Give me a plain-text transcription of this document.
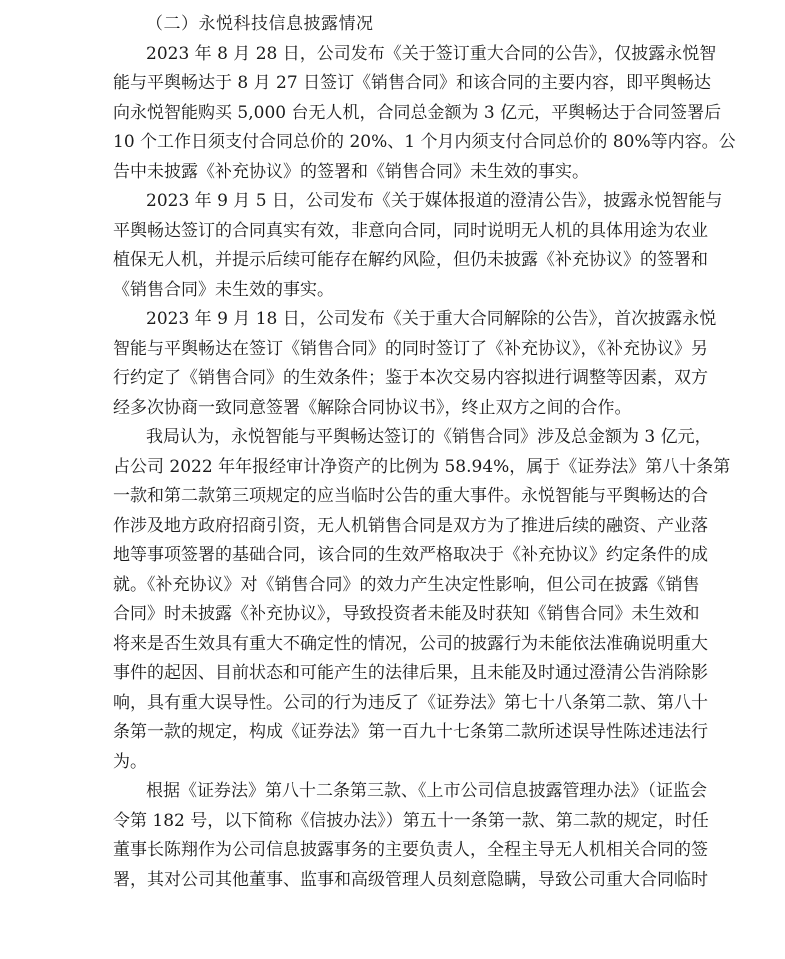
（二）永悦科技信息披露情况
2023 年 8 月 28 日，公司发布《关于签订重大合同的公告》，仅披露永悦智
能与平舆畅达于 8 月 27 日签订《销售合同》和该合同的主要内容，即平舆畅达
向永悦智能购买 5,000 台无人机，合同总金额为 3 亿元，平舆畅达于合同签署后
10 个工作日须支付合同总价的 20%、1 个月内须支付合同总价的 80%等内容。公
告中未披露《补充协议》的签署和《销售合同》未生效的事实。
2023 年 9 月 5 日，公司发布《关于媒体报道的澄清公告》，披露永悦智能与
平舆畅达签订的合同真实有效，非意向合同，同时说明无人机的具体用途为农业
植保无人机，并提示后续可能存在解约风险，但仍未披露《补充协议》的签署和
《销售合同》未生效的事实。
2023 年 9 月 18 日，公司发布《关于重大合同解除的公告》，首次披露永悦
智能与平舆畅达在签订《销售合同》的同时签订了《补充协议》，《补充协议》另
行约定了《销售合同》的生效条件；鉴于本次交易内容拟进行调整等因素，双方
经多次协商一致同意签署《解除合同协议书》，终止双方之间的合作。
我局认为，永悦智能与平舆畅达签订的《销售合同》涉及总金额为 3 亿元，
占公司 2022 年年报经审计净资产的比例为 58.94%，属于《证券法》第八十条第
一款和第二款第三项规定的应当临时公告的重大事件。永悦智能与平舆畅达的合
作涉及地方政府招商引资，无人机销售合同是双方为了推进后续的融资、产业落
地等事项签署的基础合同，该合同的生效严格取决于《补充协议》约定条件的成
就。《补充协议》对《销售合同》的效力产生决定性影响，但公司在披露《销售
合同》时未披露《补充协议》，导致投资者未能及时获知《销售合同》未生效和
将来是否生效具有重大不确定性的情况，公司的披露行为未能依法准确说明重大
事件的起因、目前状态和可能产生的法律后果，且未能及时通过澄清公告消除影
响，具有重大误导性。公司的行为违反了《证券法》第七十八条第二款、第八十
条第一款的规定，构成《证券法》第一百九十七条第二款所述误导性陈述违法行
为。
根据《证券法》第八十二条第三款、《上市公司信息披露管理办法》（证监会
令第 182 号，以下简称《信披办法》）第五十一条第一款、第二款的规定，时任
董事长陈翔作为公司信息披露事务的主要负责人，全程主导无人机相关合同的签
署，其对公司其他董事、监事和高级管理人员刻意隐瞒，导致公司重大合同临时
